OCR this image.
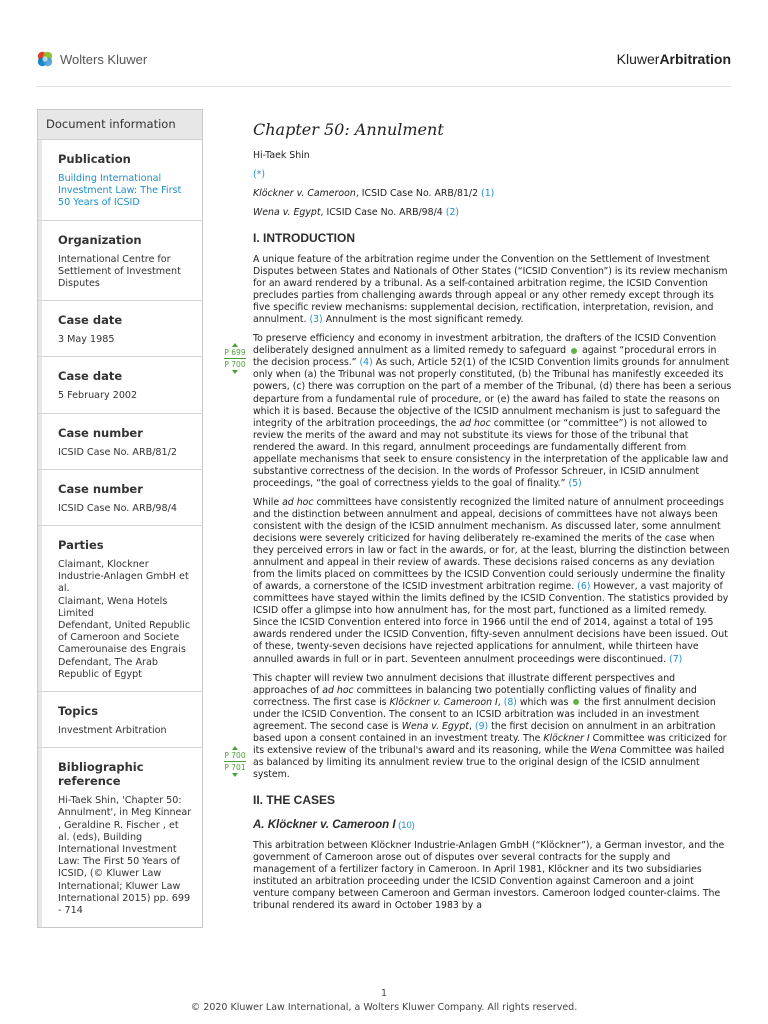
Wolters Kluwer	KluwerArbitration
Document information
Publication
Building International Investment Law: The First 50 Years of ICSID
Organization
International Centre for Settlement of Investment Disputes
Case date
3 May 1985
Case date
5 February 2002
Case number
ICSID Case No. ARB/81/2
Case number
ICSID Case No. ARB/98/4
Parties
Claimant, Klockner Industrie-Anlagen GmbH et al.
Claimant, Wena Hotels Limited
Defendant, United Republic of Cameroon and Societe Camerounaise des Engrais
Defendant, The Arab Republic of Egypt
Topics
Investment Arbitration
Bibliographic reference
Hi-Taek Shin, 'Chapter 50: Annulment', in Meg Kinnear , Geraldine R. Fischer , et al. (eds), Building International Investment Law: The First 50 Years of ICSID, (© Kluwer Law International; Kluwer Law International 2015) pp. 699 - 714
P 699
P 700
P 700
P 701
Chapter 50: Annulment
Hi-Taek Shin
(*)
Klöckner v. Cameroon, ICSID Case No. ARB/81/2 (1)
Wena v. Egypt, ICSID Case No. ARB/98/4 (2)
I. INTRODUCTION

A unique feature of the arbitration regime under the Convention on the Settlement of Investment Disputes between States and Nationals of Other States (“ICSID Convention”) is its review mechanism for an award rendered by a tribunal. As a self-contained arbitration regime, the ICSID Convention precludes parties from challenging awards through appeal or any other remedy except through its five specific review mechanisms: supplemental decision, rectification, interpretation, revision, and annulment. (3) Annulment is the most significant remedy.

To preserve efficiency and economy in investment arbitration, the drafters of the ICSID Convention deliberately designed annulment as a limited remedy to safeguard  against “procedural errors in the decision process.” (4) As such, Article 52(1) of the ICSID Convention limits grounds for annulment only when (a) the Tribunal was not properly constituted, (b) the Tribunal has manifestly exceeded its powers, (c) there was corruption on the part of a member of the Tribunal, (d) there has been a serious departure from a fundamental rule of procedure, or (e) the award has failed to state the reasons on which it is based. Because the objective of the ICSID annulment mechanism is just to safeguard the integrity of the arbitration proceedings, the ad hoc committee (or “committee”) is not allowed to review the merits of the award and may not substitute its views for those of the tribunal that rendered the award. In this regard, annulment proceedings are fundamentally different from appellate mechanisms that seek to ensure consistency in the interpretation of the applicable law and substantive correctness of the decision. In the words of Professor Schreuer, in ICSID annulment proceedings, “the goal of correctness yields to the goal of finality.” (5)

While ad hoc committees have consistently recognized the limited nature of annulment proceedings and the distinction between annulment and appeal, decisions of committees have not always been consistent with the design of the ICSID annulment mechanism. As discussed later, some annulment decisions were severely criticized for having deliberately re-examined the merits of the case when they perceived errors in law or fact in the awards, or for, at the least, blurring the distinction between annulment and appeal in their review of awards. These decisions raised concerns as any deviation from the limits placed on committees by the ICSID Convention could seriously undermine the finality of awards, a cornerstone of the ICSID investment arbitration regime. (6) However, a vast majority of committees have stayed within the limits defined by the ICSID Convention. The statistics provided by ICSID offer a glimpse into how annulment has, for the most part, functioned as a limited remedy. Since the ICSID Convention entered into force in 1966 until the end of 2014, against a total of 195 awards rendered under the ICSID Convention, fifty-seven annulment decisions have been issued. Out of these, twenty-seven decisions have rejected applications for annulment, while thirteen have annulled awards in full or in part. Seventeen annulment proceedings were discontinued. (7)

This chapter will review two annulment decisions that illustrate different perspectives and approaches of ad hoc committees in balancing two potentially conflicting values of finality and correctness. The first case is Klöckner v. Cameroon I, (8) which was  the first annulment decision under the ICSID Convention. The consent to an ICSID arbitration was included in an investment agreement. The second case is Wena v. Egypt, (9) the first decision on annulment in an arbitration based upon a consent contained in an investment treaty. The Klöckner I Committee was criticized for its extensive review of the tribunal's award and its reasoning, while the Wena Committee was hailed as balanced by limiting its annulment review true to the original design of the ICSID annulment system.

II. THE CASES
A. Klöckner v. Cameroon I (10)

This arbitration between Klöckner Industrie-Anlagen GmbH (“Klöckner”), a German investor, and the government of Cameroon arose out of disputes over several contracts for the supply and management of a fertilizer factory in Cameroon. In April 1981, Klöckner and its two subsidiaries instituted an arbitration proceeding under the ICSID Convention against Cameroon and a joint venture company between Cameroon and German investors. Cameroon lodged counter-claims. The tribunal rendered its award in October 1983 by a

1
© 2020 Kluwer Law International, a Wolters Kluwer Company. All rights reserved.
